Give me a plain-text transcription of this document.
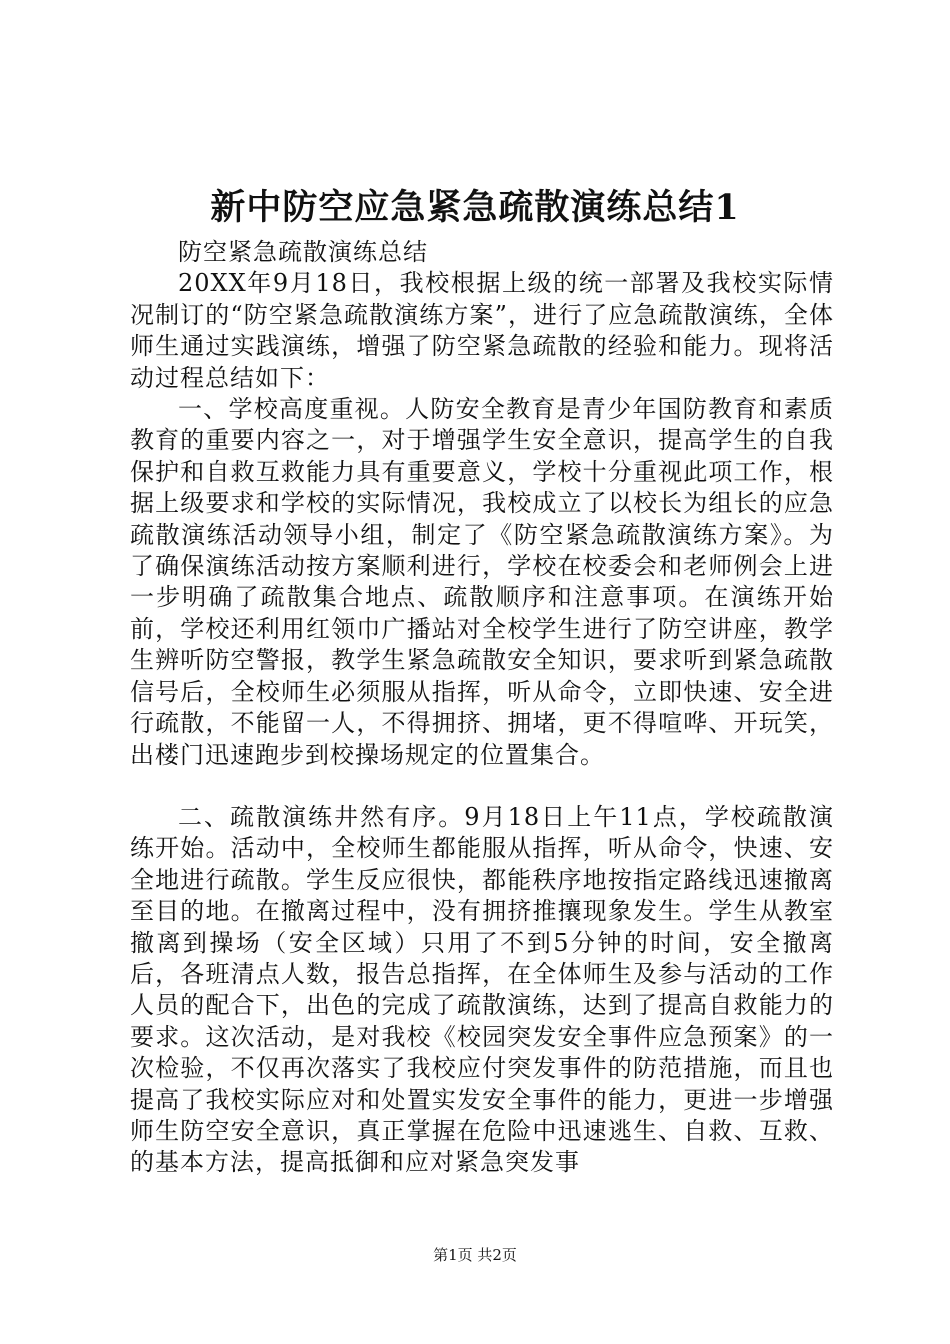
新中防空应急紧急疏散演练总结1

防空紧急疏散演练总结

20XX年9月18日，我校根据上级的统一部署及我校实际情况制订的“防空紧急疏散演练方案”，进行了应急疏散演练，全体师生通过实践演练，增强了防空紧急疏散的经验和能力。现将活动过程总结如下：

一、学校高度重视。人防安全教育是青少年国防教育和素质教育的重要内容之一，对于增强学生安全意识，提高学生的自我保护和自救互救能力具有重要意义，学校十分重视此项工作，根据上级要求和学校的实际情况，我校成立了以校长为组长的应急疏散演练活动领导小组，制定了《防空紧急疏散演练方案》。为了确保演练活动按方案顺利进行，学校在校委会和老师例会上进一步明确了疏散集合地点、疏散顺序和注意事项。在演练开始前，学校还利用红领巾广播站对全校学生进行了防空讲座，教学生辨听防空警报，教学生紧急疏散安全知识，要求听到紧急疏散信号后，全校师生必须服从指挥，听从命令，立即快速、安全进行疏散，不能留一人，不得拥挤、拥堵，更不得喧哗、开玩笑，出楼门迅速跑步到校操场规定的位置集合。

二、疏散演练井然有序。9月18日上午11点，学校疏散演练开始。活动中，全校师生都能服从指挥，听从命令，快速、安全地进行疏散。学生反应很快，都能秩序地按指定路线迅速撤离至目的地。在撤离过程中，没有拥挤推攘现象发生。学生从教室撤离到操场（安全区域）只用了不到5分钟的时间，安全撤离后，各班清点人数，报告总指挥，在全体师生及参与活动的工作人员的配合下，出色的完成了疏散演练，达到了提高自救能力的要求。这次活动，是对我校《校园突发安全事件应急预案》的一次检验，不仅再次落实了我校应付突发事件的防范措施，而且也提高了我校实际应对和处置实发安全事件的能力，更进一步增强师生防空安全意识，真正掌握在危险中迅速逃生、自救、互救、的基本方法，提高抵御和应对紧急突发事

第1页 共2页
